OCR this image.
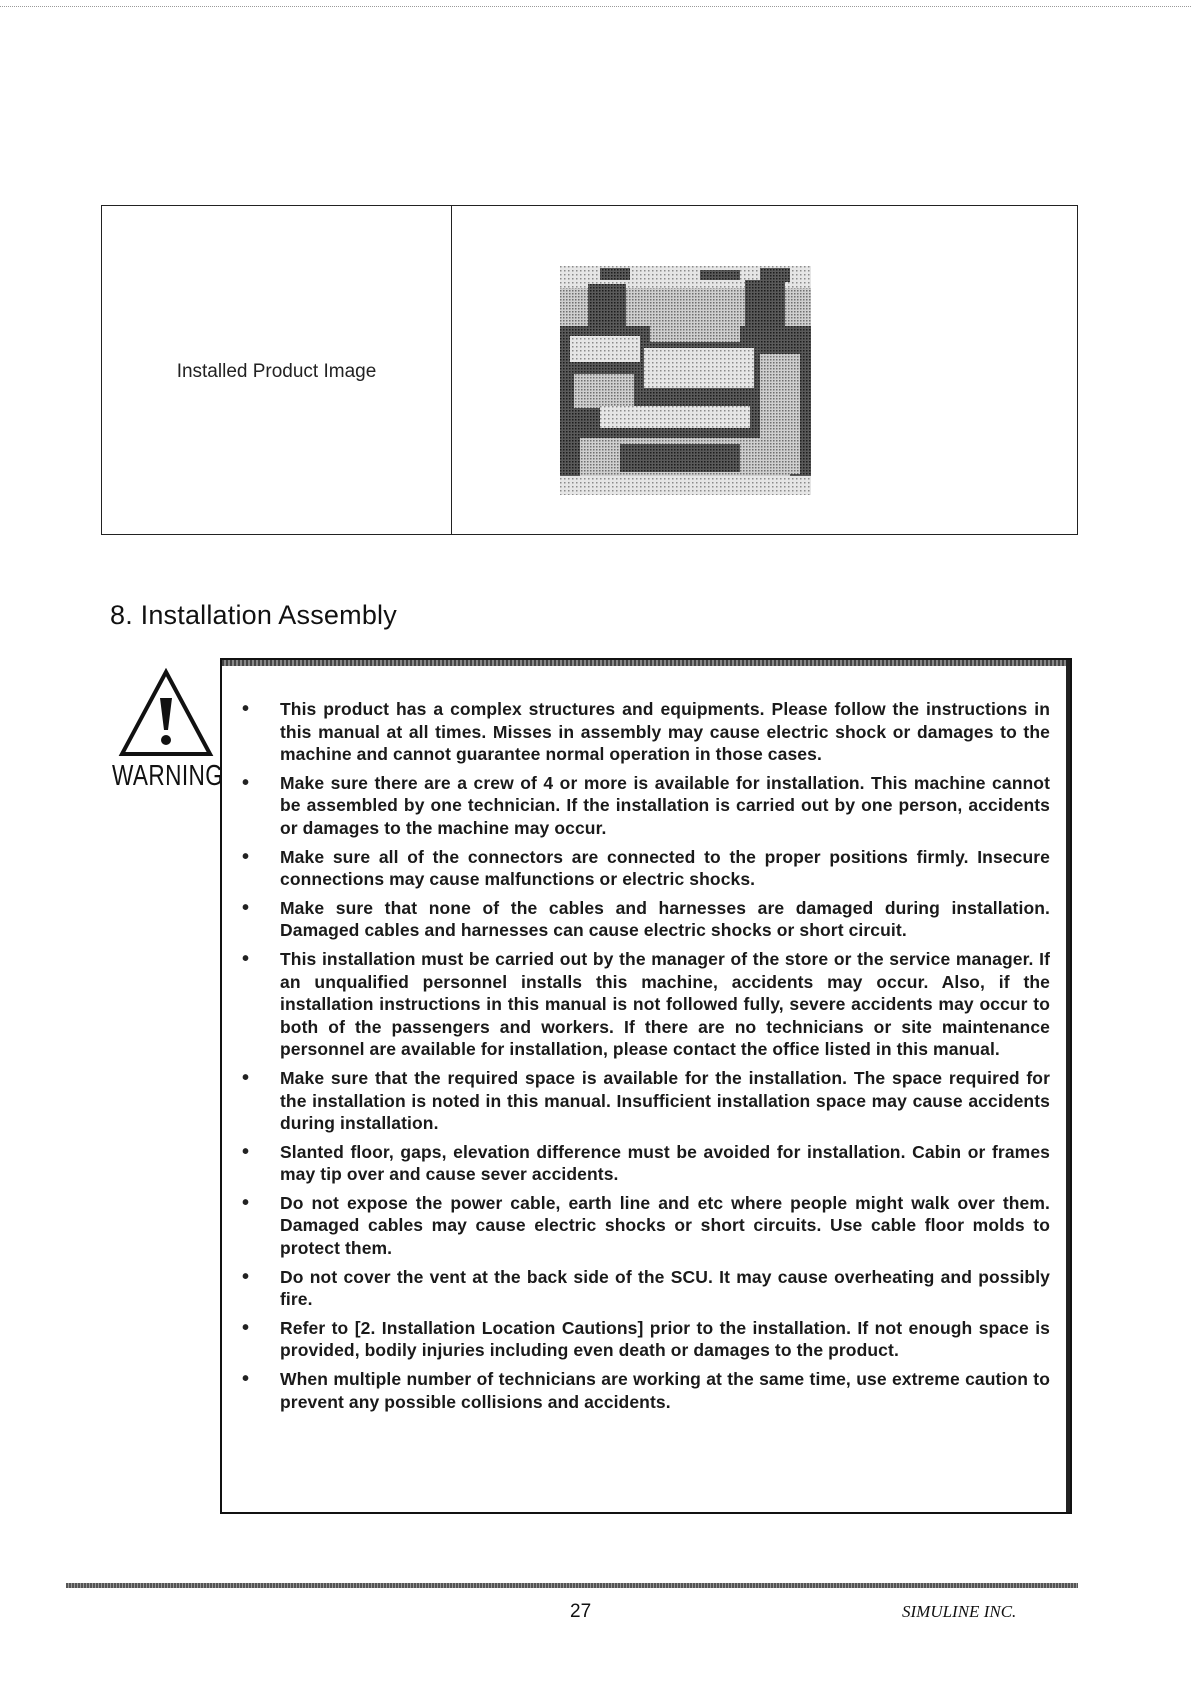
Installed Product Image
8. Installation Assembly
WARNING
• This product has a complex structures and equipments. Please follow the instructions in this manual at all times. Misses in assembly may cause electric shock or damages to the machine and cannot guarantee normal operation in those cases.
• Make sure there are a crew of 4 or more is available for installation. This machine cannot be assembled by one technician. If the installation is carried out by one person, accidents or damages to the machine may occur.
• Make sure all of the connectors are connected to the proper positions firmly. Insecure connections may cause malfunctions or electric shocks.
• Make sure that none of the cables and harnesses are damaged during installation. Damaged cables and harnesses can cause electric shocks or short circuit.
• This installation must be carried out by the manager of the store or the service manager. If an unqualified personnel installs this machine, accidents may occur. Also, if the installation instructions in this manual is not followed fully, severe accidents may occur to both of the passengers and workers. If there are no technicians or site maintenance personnel are available for installation, please contact the office listed in this manual.
• Make sure that the required space is available for the installation. The space required for the installation is noted in this manual. Insufficient installation space may cause accidents during installation.
• Slanted floor, gaps, elevation difference must be avoided for installation. Cabin or frames may tip over and cause sever accidents.
• Do not expose the power cable, earth line and etc where people might walk over them. Damaged cables may cause electric shocks or short circuits. Use cable floor molds to protect them.
• Do not cover the vent at the back side of the SCU. It may cause overheating and possibly fire.
• Refer to [2. Installation Location Cautions] prior to the installation. If not enough space is provided, bodily injuries including even death or damages to the product.
• When multiple number of technicians are working at the same time, use extreme caution to prevent any possible collisions and accidents.
27	SIMULINE INC.
